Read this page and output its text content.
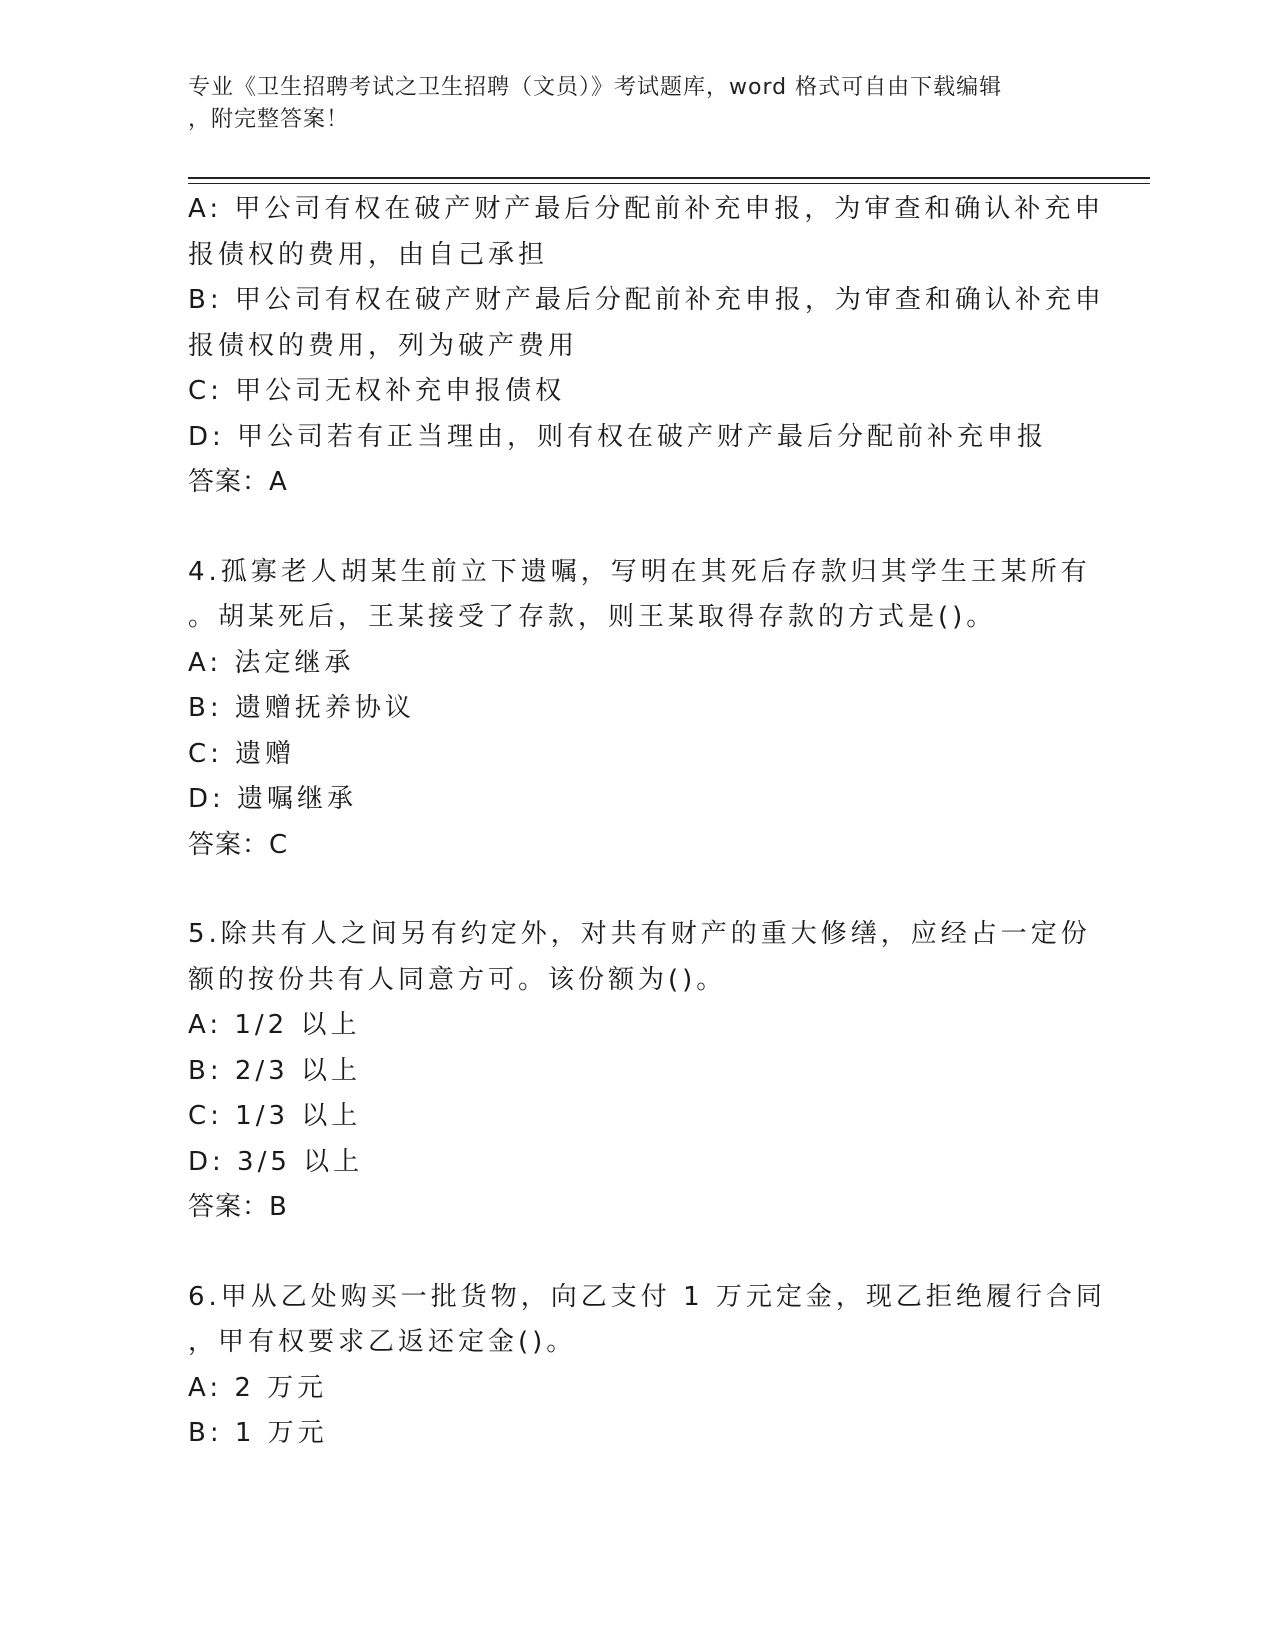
专业《卫生招聘考试之卫生招聘（文员）》考试题库，word 格式可自由下载编辑
，附完整答案！
A: 甲公司有权在破产财产最后分配前补充申报，为审查和确认补充申
报债权的费用，由自己承担
B: 甲公司有权在破产财产最后分配前补充申报，为审查和确认补充申
报债权的费用，列为破产费用
C: 甲公司无权补充申报债权
D: 甲公司若有正当理由，则有权在破产财产最后分配前补充申报
答案：A
4.孤寡老人胡某生前立下遗嘱，写明在其死后存款归其学生王某所有
。胡某死后，王某接受了存款，则王某取得存款的方式是()。
A: 法定继承
B: 遗赠抚养协议
C: 遗赠
D: 遗嘱继承
答案：C
5.除共有人之间另有约定外，对共有财产的重大修缮，应经占一定份
额的按份共有人同意方可。该份额为()。
A: 1/2 以上
B: 2/3 以上
C: 1/3 以上
D: 3/5 以上
答案：B
6.甲从乙处购买一批货物，向乙支付 1 万元定金，现乙拒绝履行合同
，甲有权要求乙返还定金()。
A: 2 万元
B: 1 万元
